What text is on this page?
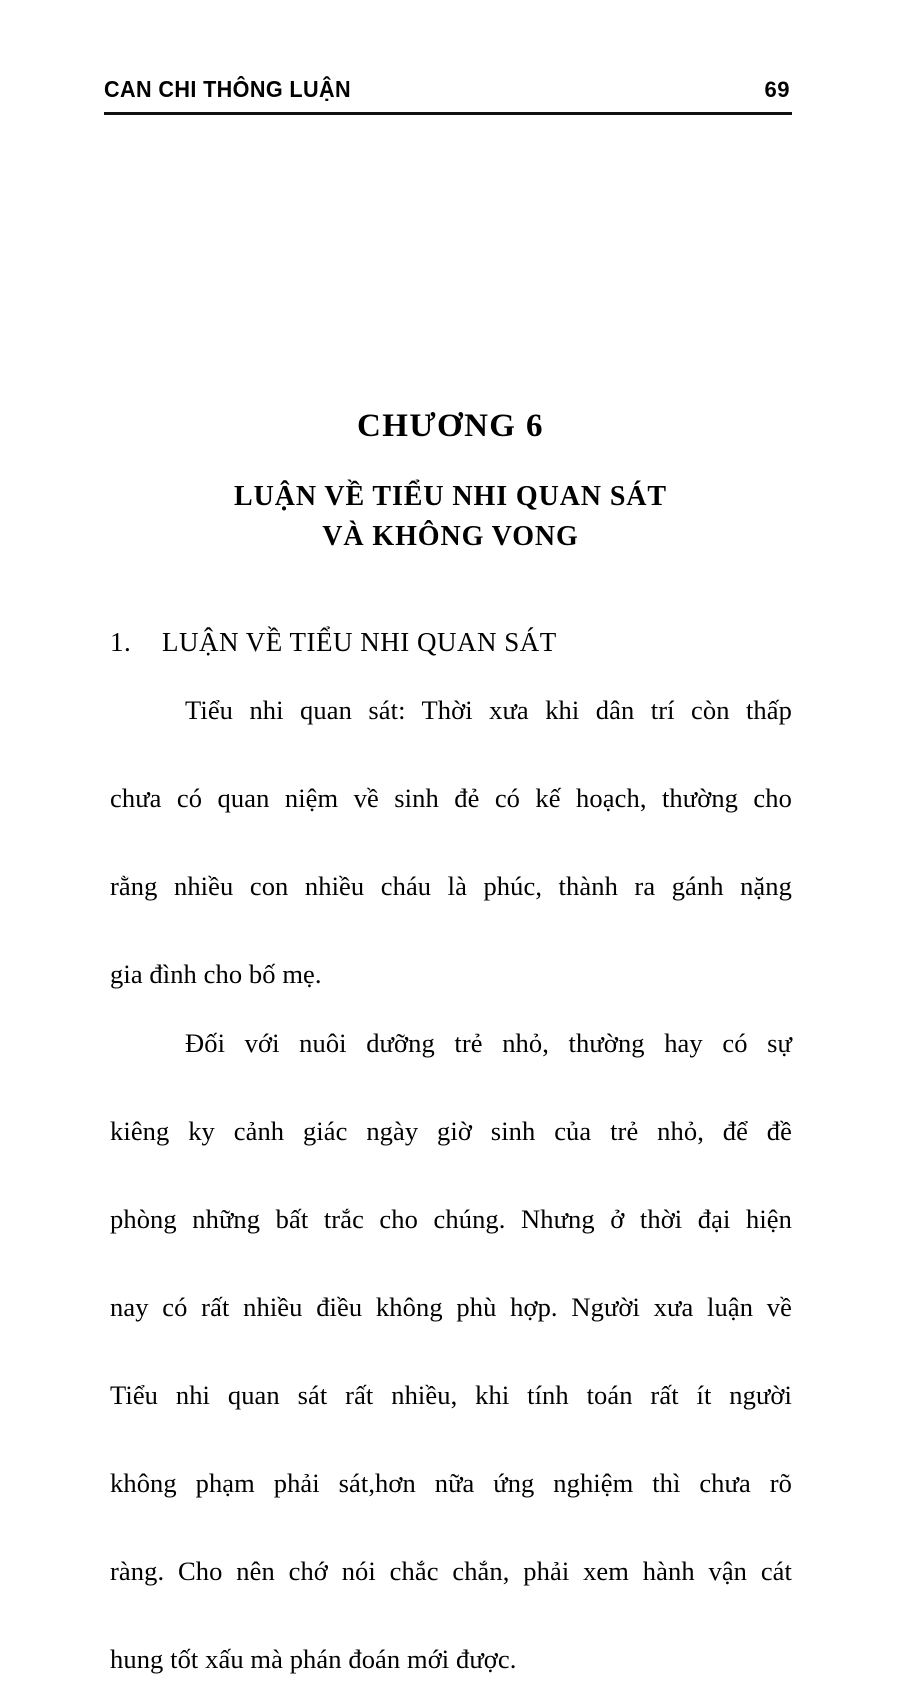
CAN CHI THÔNG LUẬN	69
CHƯƠNG 6
LUẬN VỀ TIỂU NHI QUAN SÁT
VÀ KHÔNG VONG
1. LUẬN VỀ TIỂU NHI QUAN SÁT

Tiểu nhi quan sát: Thời xưa khi dân trí còn thấp
chưa có quan niệm về sinh đẻ có kế hoạch, thường cho
rằng nhiều con nhiều cháu là phúc, thành ra gánh nặng
gia đình cho bố mẹ.

Đối với nuôi dưỡng trẻ nhỏ, thường hay có sự
kiêng ky cảnh giác ngày giờ sinh của trẻ nhỏ, để đề
phòng những bất trắc cho chúng. Nhưng ở thời đại hiện
nay có rất nhiều điều không phù hợp. Người xưa luận về
Tiểu nhi quan sát rất nhiều, khi tính toán rất ít người
không phạm phải sát,hơn nữa ứng nghiệm thì chưa rõ
ràng. Cho nên chớ nói chắc chắn, phải xem hành vận cát
hung tốt xấu mà phán đoán mới được.
